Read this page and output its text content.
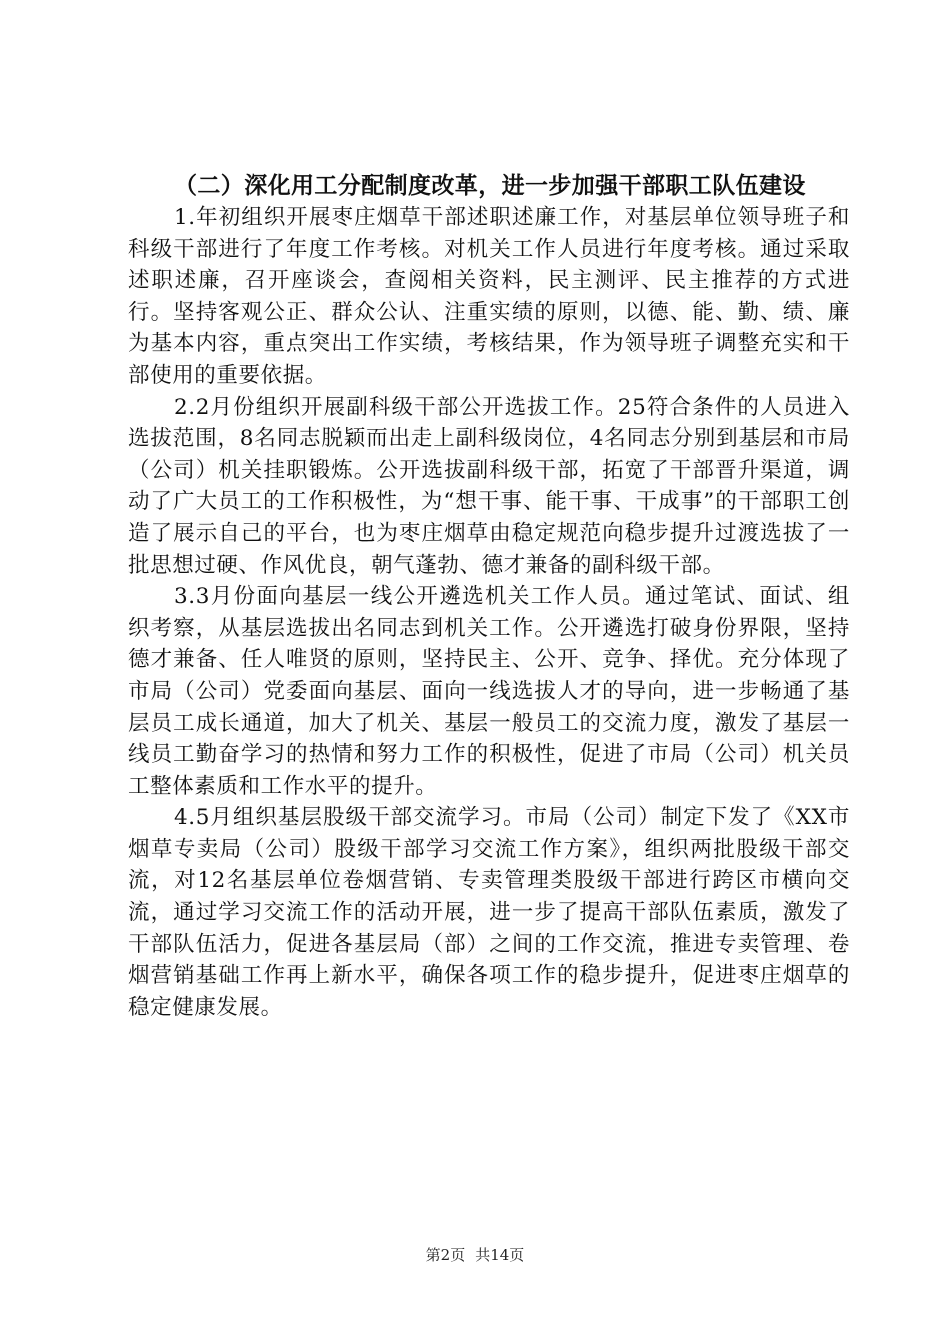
（二）深化用工分配制度改革，进一步加强干部职工队伍建设

1.年初组织开展枣庄烟草干部述职述廉工作，对基层单位领导班子和科级干部进行了年度工作考核。对机关工作人员进行年度考核。通过采取述职述廉，召开座谈会，查阅相关资料，民主测评、民主推荐的方式进行。坚持客观公正、群众公认、注重实绩的原则，以德、能、勤、绩、廉为基本内容，重点突出工作实绩，考核结果，作为领导班子调整充实和干部使用的重要依据。

2.2月份组织开展副科级干部公开选拔工作。25符合条件的人员进入选拔范围，8名同志脱颖而出走上副科级岗位，4名同志分别到基层和市局（公司）机关挂职锻炼。公开选拔副科级干部，拓宽了干部晋升渠道，调动了广大员工的工作积极性，为“想干事、能干事、干成事”的干部职工创造了展示自己的平台，也为枣庄烟草由稳定规范向稳步提升过渡选拔了一批思想过硬、作风优良，朝气蓬勃、德才兼备的副科级干部。

3.3月份面向基层一线公开遴选机关工作人员。通过笔试、面试、组织考察，从基层选拔出名同志到机关工作。公开遴选打破身份界限，坚持德才兼备、任人唯贤的原则，坚持民主、公开、竞争、择优。充分体现了市局（公司）党委面向基层、面向一线选拔人才的导向，进一步畅通了基层员工成长通道，加大了机关、基层一般员工的交流力度，激发了基层一线员工勤奋学习的热情和努力工作的积极性，促进了市局（公司）机关员工整体素质和工作水平的提升。

4.5月组织基层股级干部交流学习。市局（公司）制定下发了《XX市烟草专卖局（公司）股级干部学习交流工作方案》，组织两批股级干部交流，对12名基层单位卷烟营销、专卖管理类股级干部进行跨区市横向交流，通过学习交流工作的活动开展，进一步了提高干部队伍素质，激发了干部队伍活力，促进各基层局（部）之间的工作交流，推进专卖管理、卷烟营销基础工作再上新水平，确保各项工作的稳步提升，促进枣庄烟草的稳定健康发展。

第2页 共14页
